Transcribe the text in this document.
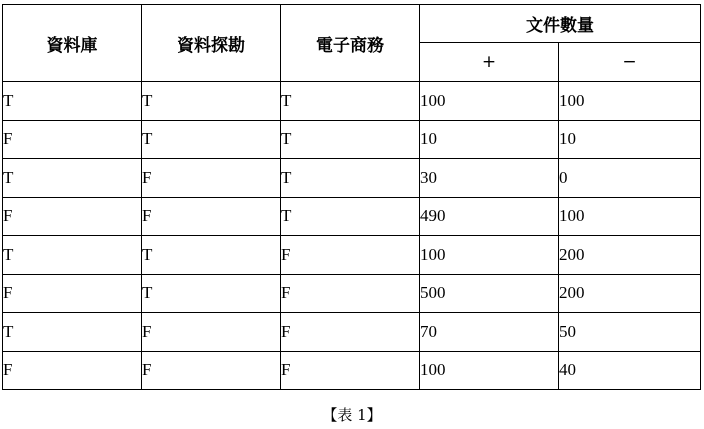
資料庫	資料探勘	電子商務	文件數量	
			+	−
T	T	T	100	100
F	T	T	10	10
T	F	T	30	0
F	F	T	490	100
T	T	F	100	200
F	T	F	500	200
T	F	F	70	50
F	F	F	100	40
【表 1】
